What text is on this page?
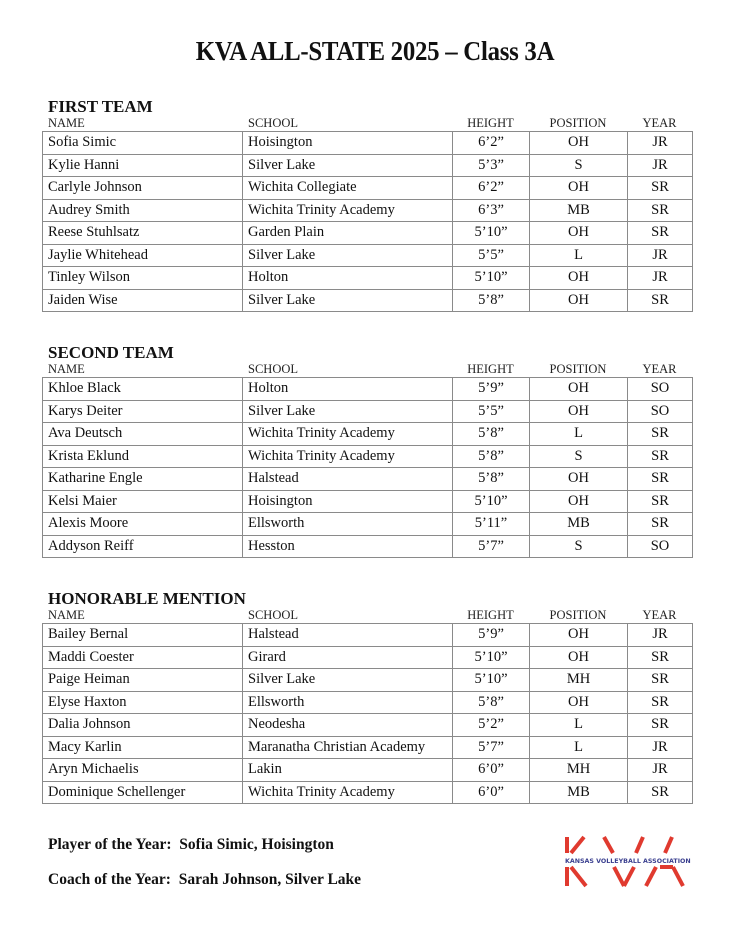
KVA ALL-STATE 2025 – Class 3A
FIRST TEAM
NAME	SCHOOL	HEIGHT	POSITION	YEAR
Sofia Simic	Hoisington	6’2”	OH	JR
Kylie Hanni	Silver Lake	5’3”	S	JR
Carlyle Johnson	Wichita Collegiate	6’2”	OH	SR
Audrey Smith	Wichita Trinity Academy	6’3”	MB	SR
Reese Stuhlsatz	Garden Plain	5’10”	OH	SR
Jaylie Whitehead	Silver Lake	5’5”	L	JR
Tinley Wilson	Holton	5’10”	OH	JR
Jaiden Wise	Silver Lake	5’8”	OH	SR
SECOND TEAM
NAME	SCHOOL	HEIGHT	POSITION	YEAR
Khloe Black	Holton	5’9”	OH	SO
Karys Deiter	Silver Lake	5’5”	OH	SO
Ava Deutsch	Wichita Trinity Academy	5’8”	L	SR
Krista Eklund	Wichita Trinity Academy	5’8”	S	SR
Katharine Engle	Halstead	5’8”	OH	SR
Kelsi Maier	Hoisington	5’10”	OH	SR
Alexis Moore	Ellsworth	5’11”	MB	SR
Addyson Reiff	Hesston	5’7”	S	SO
HONORABLE MENTION
NAME	SCHOOL	HEIGHT	POSITION	YEAR
Bailey Bernal	Halstead	5’9”	OH	JR
Maddi Coester	Girard	5’10”	OH	SR
Paige Heiman	Silver Lake	5’10”	MH	SR
Elyse Haxton	Ellsworth	5’8”	OH	SR
Dalia Johnson	Neodesha	5’2”	L	SR
Macy Karlin	Maranatha Christian Academy	5’7”	L	JR
Aryn Michaelis	Lakin	6’0”	MH	JR
Dominique Schellenger	Wichita Trinity Academy	6’0”	MB	SR
Player of the Year: Sofia Simic, Hoisington
Coach of the Year: Sarah Johnson, Silver Lake
KANSAS VOLLEYBALL ASSOCIATION
